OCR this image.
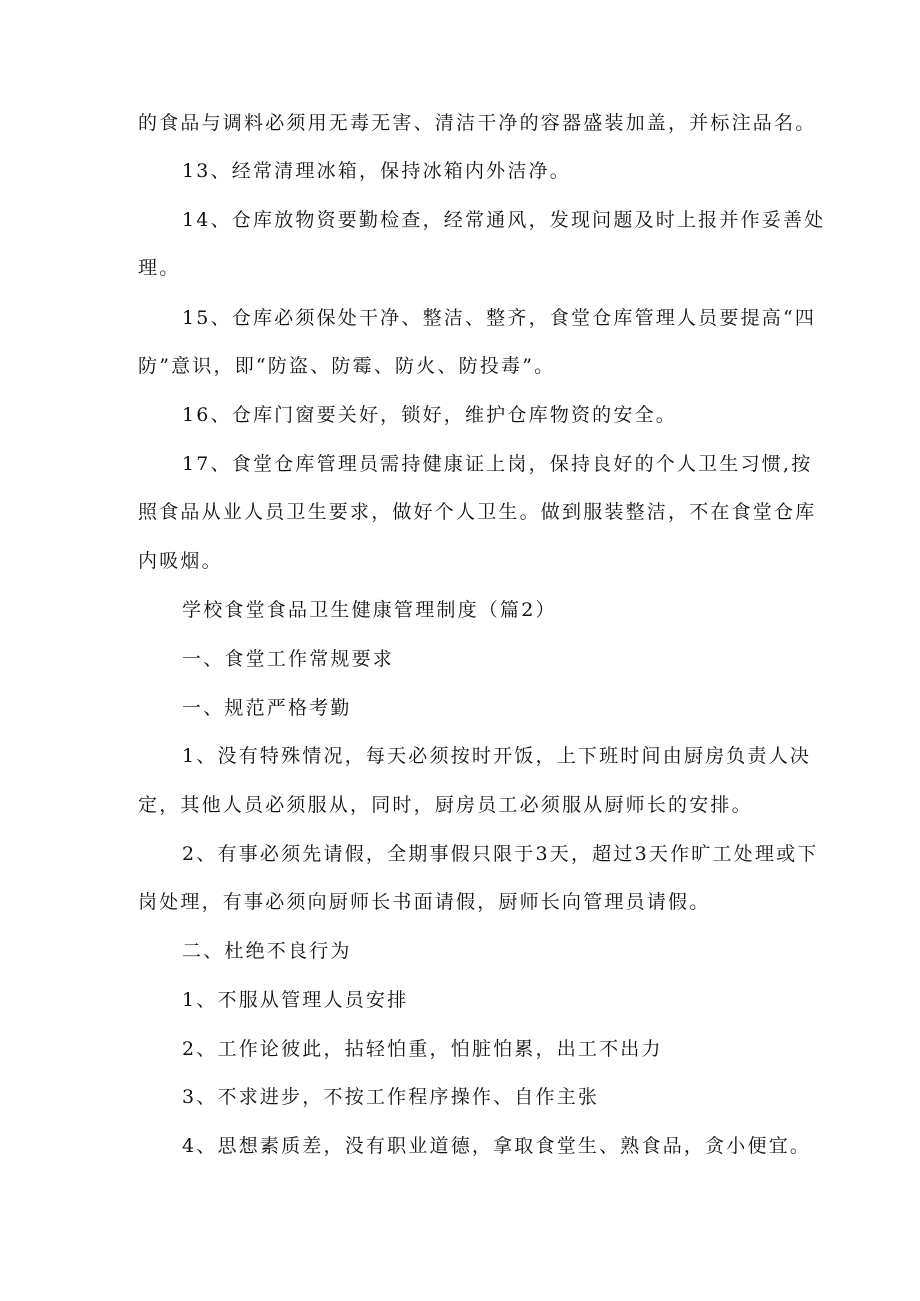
的食品与调料必须用无毒无害、清洁干净的容器盛装加盖，并标注品名。
13、经常清理冰箱，保持冰箱内外洁净。
14、仓库放物资要勤检查，经常通风，发现问题及时上报并作妥善处
理。
15、仓库必须保处干净、整洁、整齐，食堂仓库管理人员要提高“四
防”意识，即“防盗、防霉、防火、防投毒”。
16、仓库门窗要关好，锁好，维护仓库物资的安全。
17、食堂仓库管理员需持健康证上岗，保持良好的个人卫生习惯,按
照食品从业人员卫生要求，做好个人卫生。做到服装整洁，不在食堂仓库
内吸烟。
学校食堂食品卫生健康管理制度（篇2）
一、食堂工作常规要求
一、规范严格考勤
1、没有特殊情况，每天必须按时开饭，上下班时间由厨房负责人决
定，其他人员必须服从，同时，厨房员工必须服从厨师长的安排。
2、有事必须先请假，全期事假只限于3天，超过3天作旷工处理或下
岗处理，有事必须向厨师长书面请假，厨师长向管理员请假。
二、杜绝不良行为
1、不服从管理人员安排
2、工作论彼此，拈轻怕重，怕脏怕累，出工不出力
3、不求进步，不按工作程序操作、自作主张
4、思想素质差，没有职业道德，拿取食堂生、熟食品，贪小便宜。
